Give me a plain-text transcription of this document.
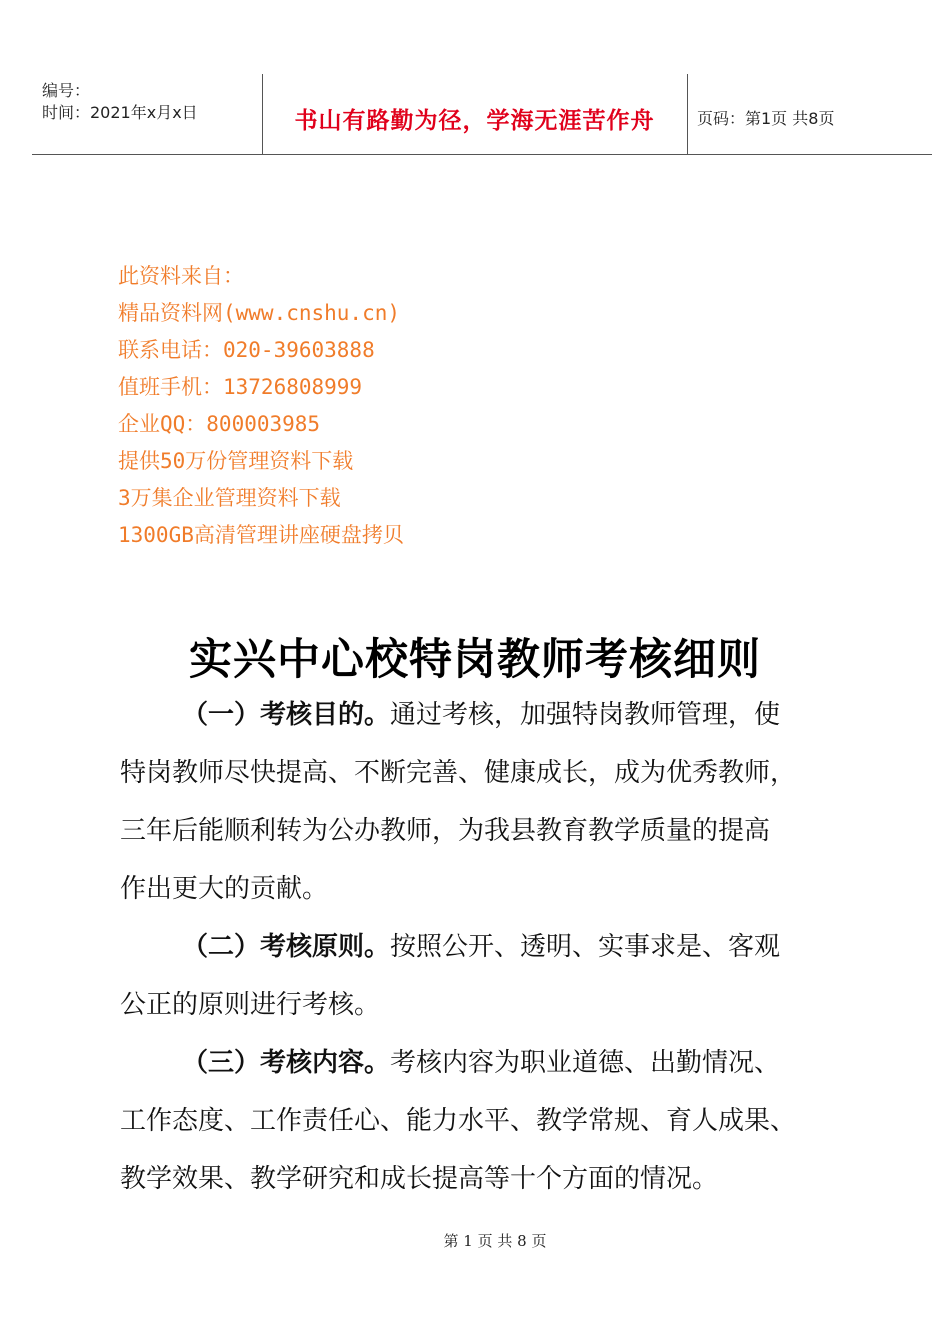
编号：
时间：2021年x月x日	书山有路勤为径，学海无涯苦作舟	页码：第1页 共8页
此资料来自：
精品资料网(www.cnshu.cn)
联系电话：020-39603888
值班手机：13726808999
企业QQ：800003985
提供50万份管理资料下载
3万集企业管理资料下载
1300GB高清管理讲座硬盘拷贝
实兴中心校特岗教师考核细则
（一）考核目的。通过考核，加强特岗教师管理，使
特岗教师尽快提高、不断完善、健康成长，成为优秀教师，
三年后能顺利转为公办教师，为我县教育教学质量的提高
作出更大的贡献。
（二）考核原则。按照公开、透明、实事求是、客观
公正的原则进行考核。
（三）考核内容。考核内容为职业道德、出勤情况、
工作态度、工作责任心、能力水平、教学常规、育人成果、
教学效果、教学研究和成长提高等十个方面的情况。
第 1 页 共 8 页
